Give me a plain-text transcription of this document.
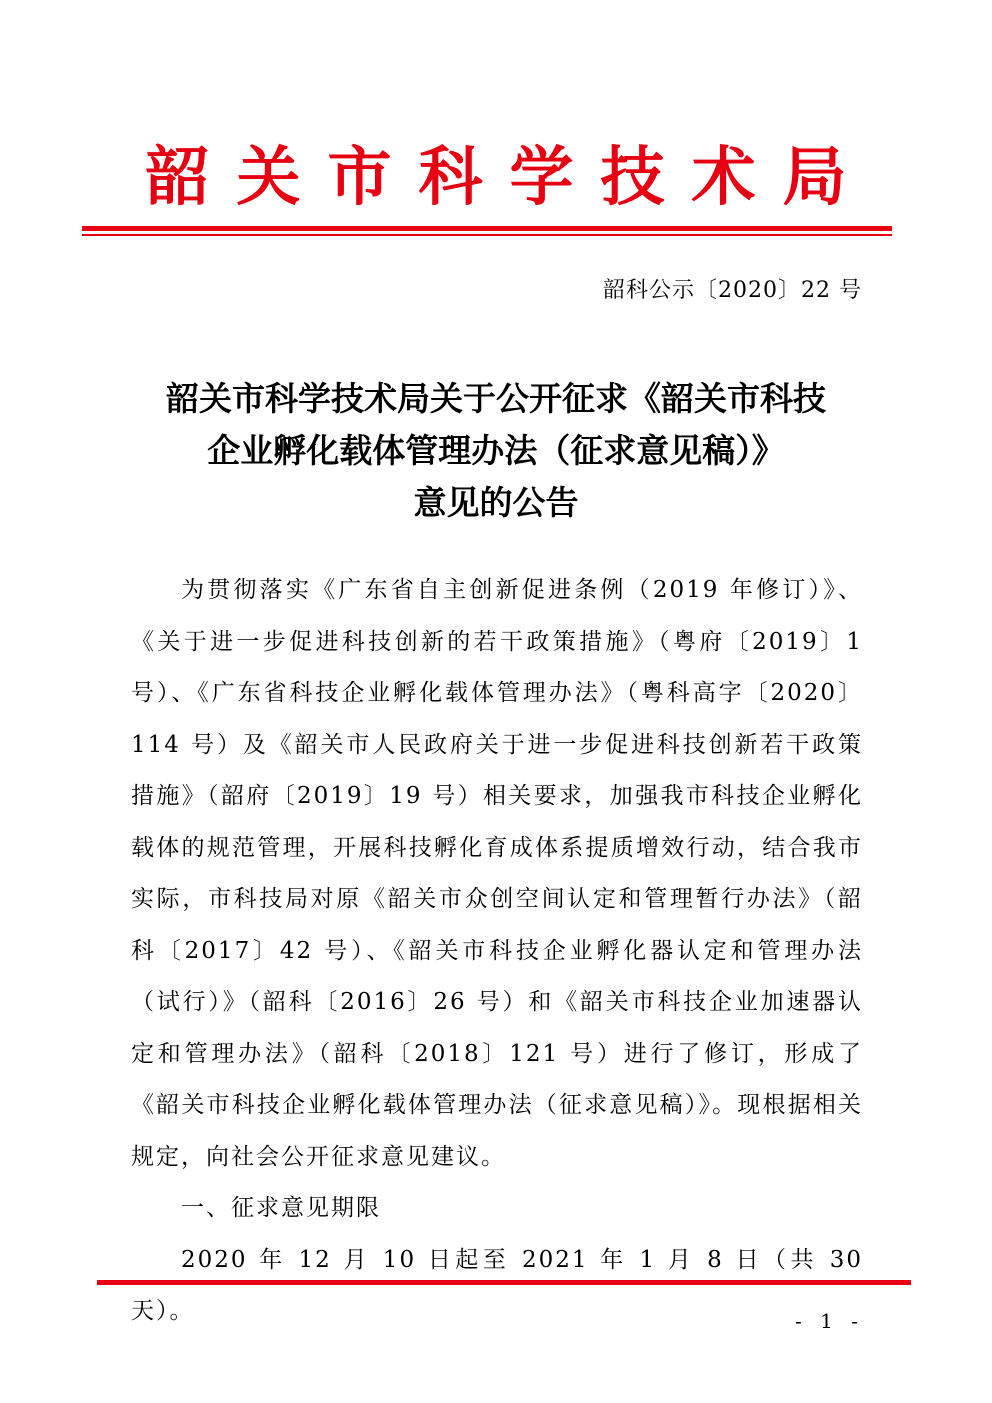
韶关市科学技术局
韶科公示〔2020〕22 号
韶关市科学技术局关于公开征求《韶关市科技
企业孵化载体管理办法（征求意见稿）》
意见的公告

为贯彻落实《广东省自主创新促进条例（2019 年修订）》、《关于进一步促进科技创新的若干政策措施》（粤府〔2019〕1 号）、《广东省科技企业孵化载体管理办法》（粤科高字〔2020〕114 号）及《韶关市人民政府关于进一步促进科技创新若干政策措施》（韶府〔2019〕19 号）相关要求，加强我市科技企业孵化载体的规范管理，开展科技孵化育成体系提质增效行动，结合我市实际，市科技局对原《韶关市众创空间认定和管理暂行办法》（韶科〔2017〕42 号）、《韶关市科技企业孵化器认定和管理办法（试行）》（韶科〔2016〕26 号）和《韶关市科技企业加速器认定和管理办法》（韶科〔2018〕121 号）进行了修订，形成了《韶关市科技企业孵化载体管理办法（征求意见稿）》。现根据相关规定，向社会公开征求意见建议。

一、征求意见期限

2020 年 12 月 10 日起至 2021 年 1 月 8 日（共 30 天）。	- 1 -
